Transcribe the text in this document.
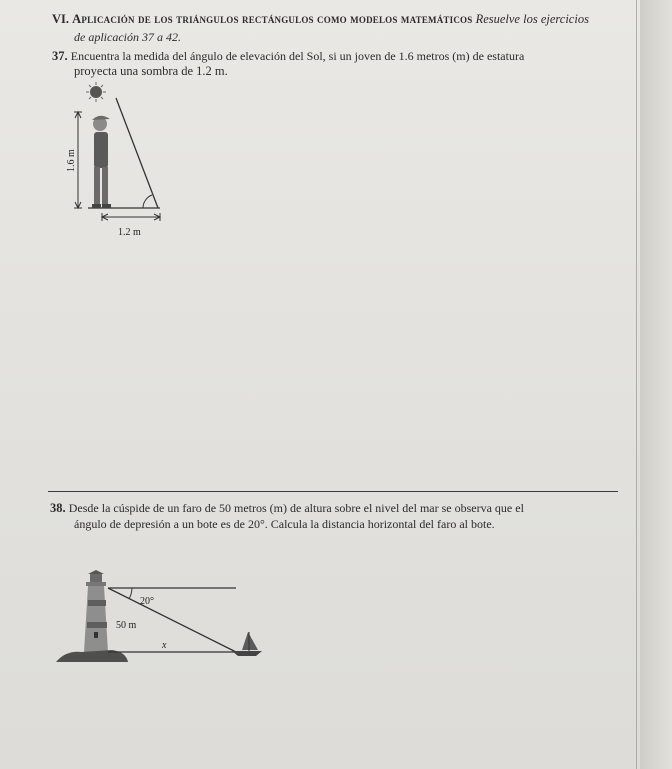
VI. Aplicación de los triángulos rectángulos como modelos matemáticos Resuelve los ejercicios
de aplicación 37 a 42.
37. Encuentra la medida del ángulo de elevación del Sol, si un joven de 1.6 metros (m) de estatura
proyecta una sombra de 1.2 m.
1.6 m
1.2 m
38. Desde la cúspide de un faro de 50 metros (m) de altura sobre el nivel del mar se observa que el
ángulo de depresión a un bote es de 20°. Calcula la distancia horizontal del faro al bote.
20°
50 m
x
